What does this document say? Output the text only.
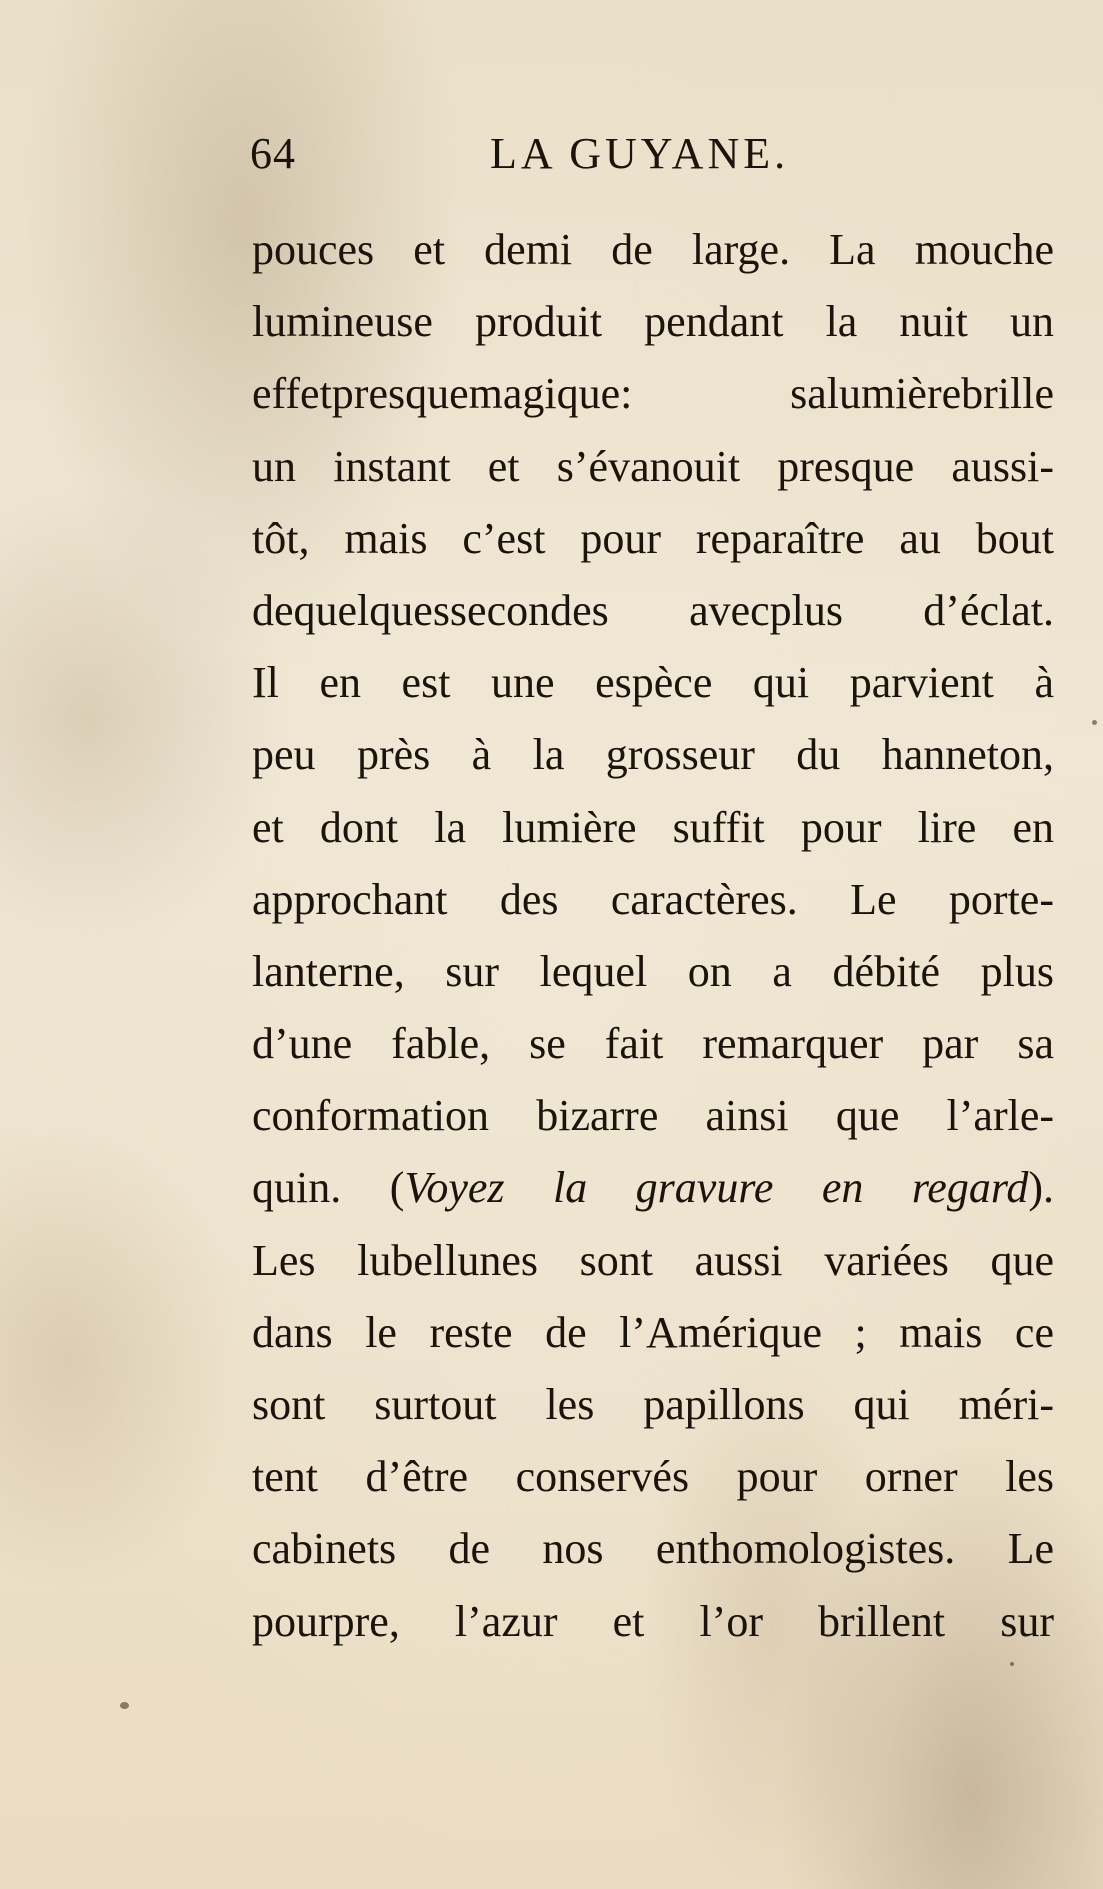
64	LA GUYANE.
pouces et demi de large. La mouche
lumineuse produit pendant la nuit un
effetpresquemagique: salumièrebrille
un instant et s’évanouit presque aussi-
tôt, mais c’est pour reparaître au bout
dequelquessecondes avecplus d’éclat.
Il en est une espèce qui parvient à
peu près à la grosseur du hanneton,
et dont la lumière suffit pour lire en
approchant des caractères. Le porte-
lanterne, sur lequel on a débité plus
d’une fable, se fait remarquer par sa
conformation bizarre ainsi que l’arle-
quin. (Voyez la gravure en regard).
Les lubellunes sont aussi variées que
dans le reste de l’Amérique ; mais ce
sont surtout les papillons qui méri-
tent d’être conservés pour orner les
cabinets de nos enthomologistes. Le
pourpre, l’azur et l’or brillent sur
